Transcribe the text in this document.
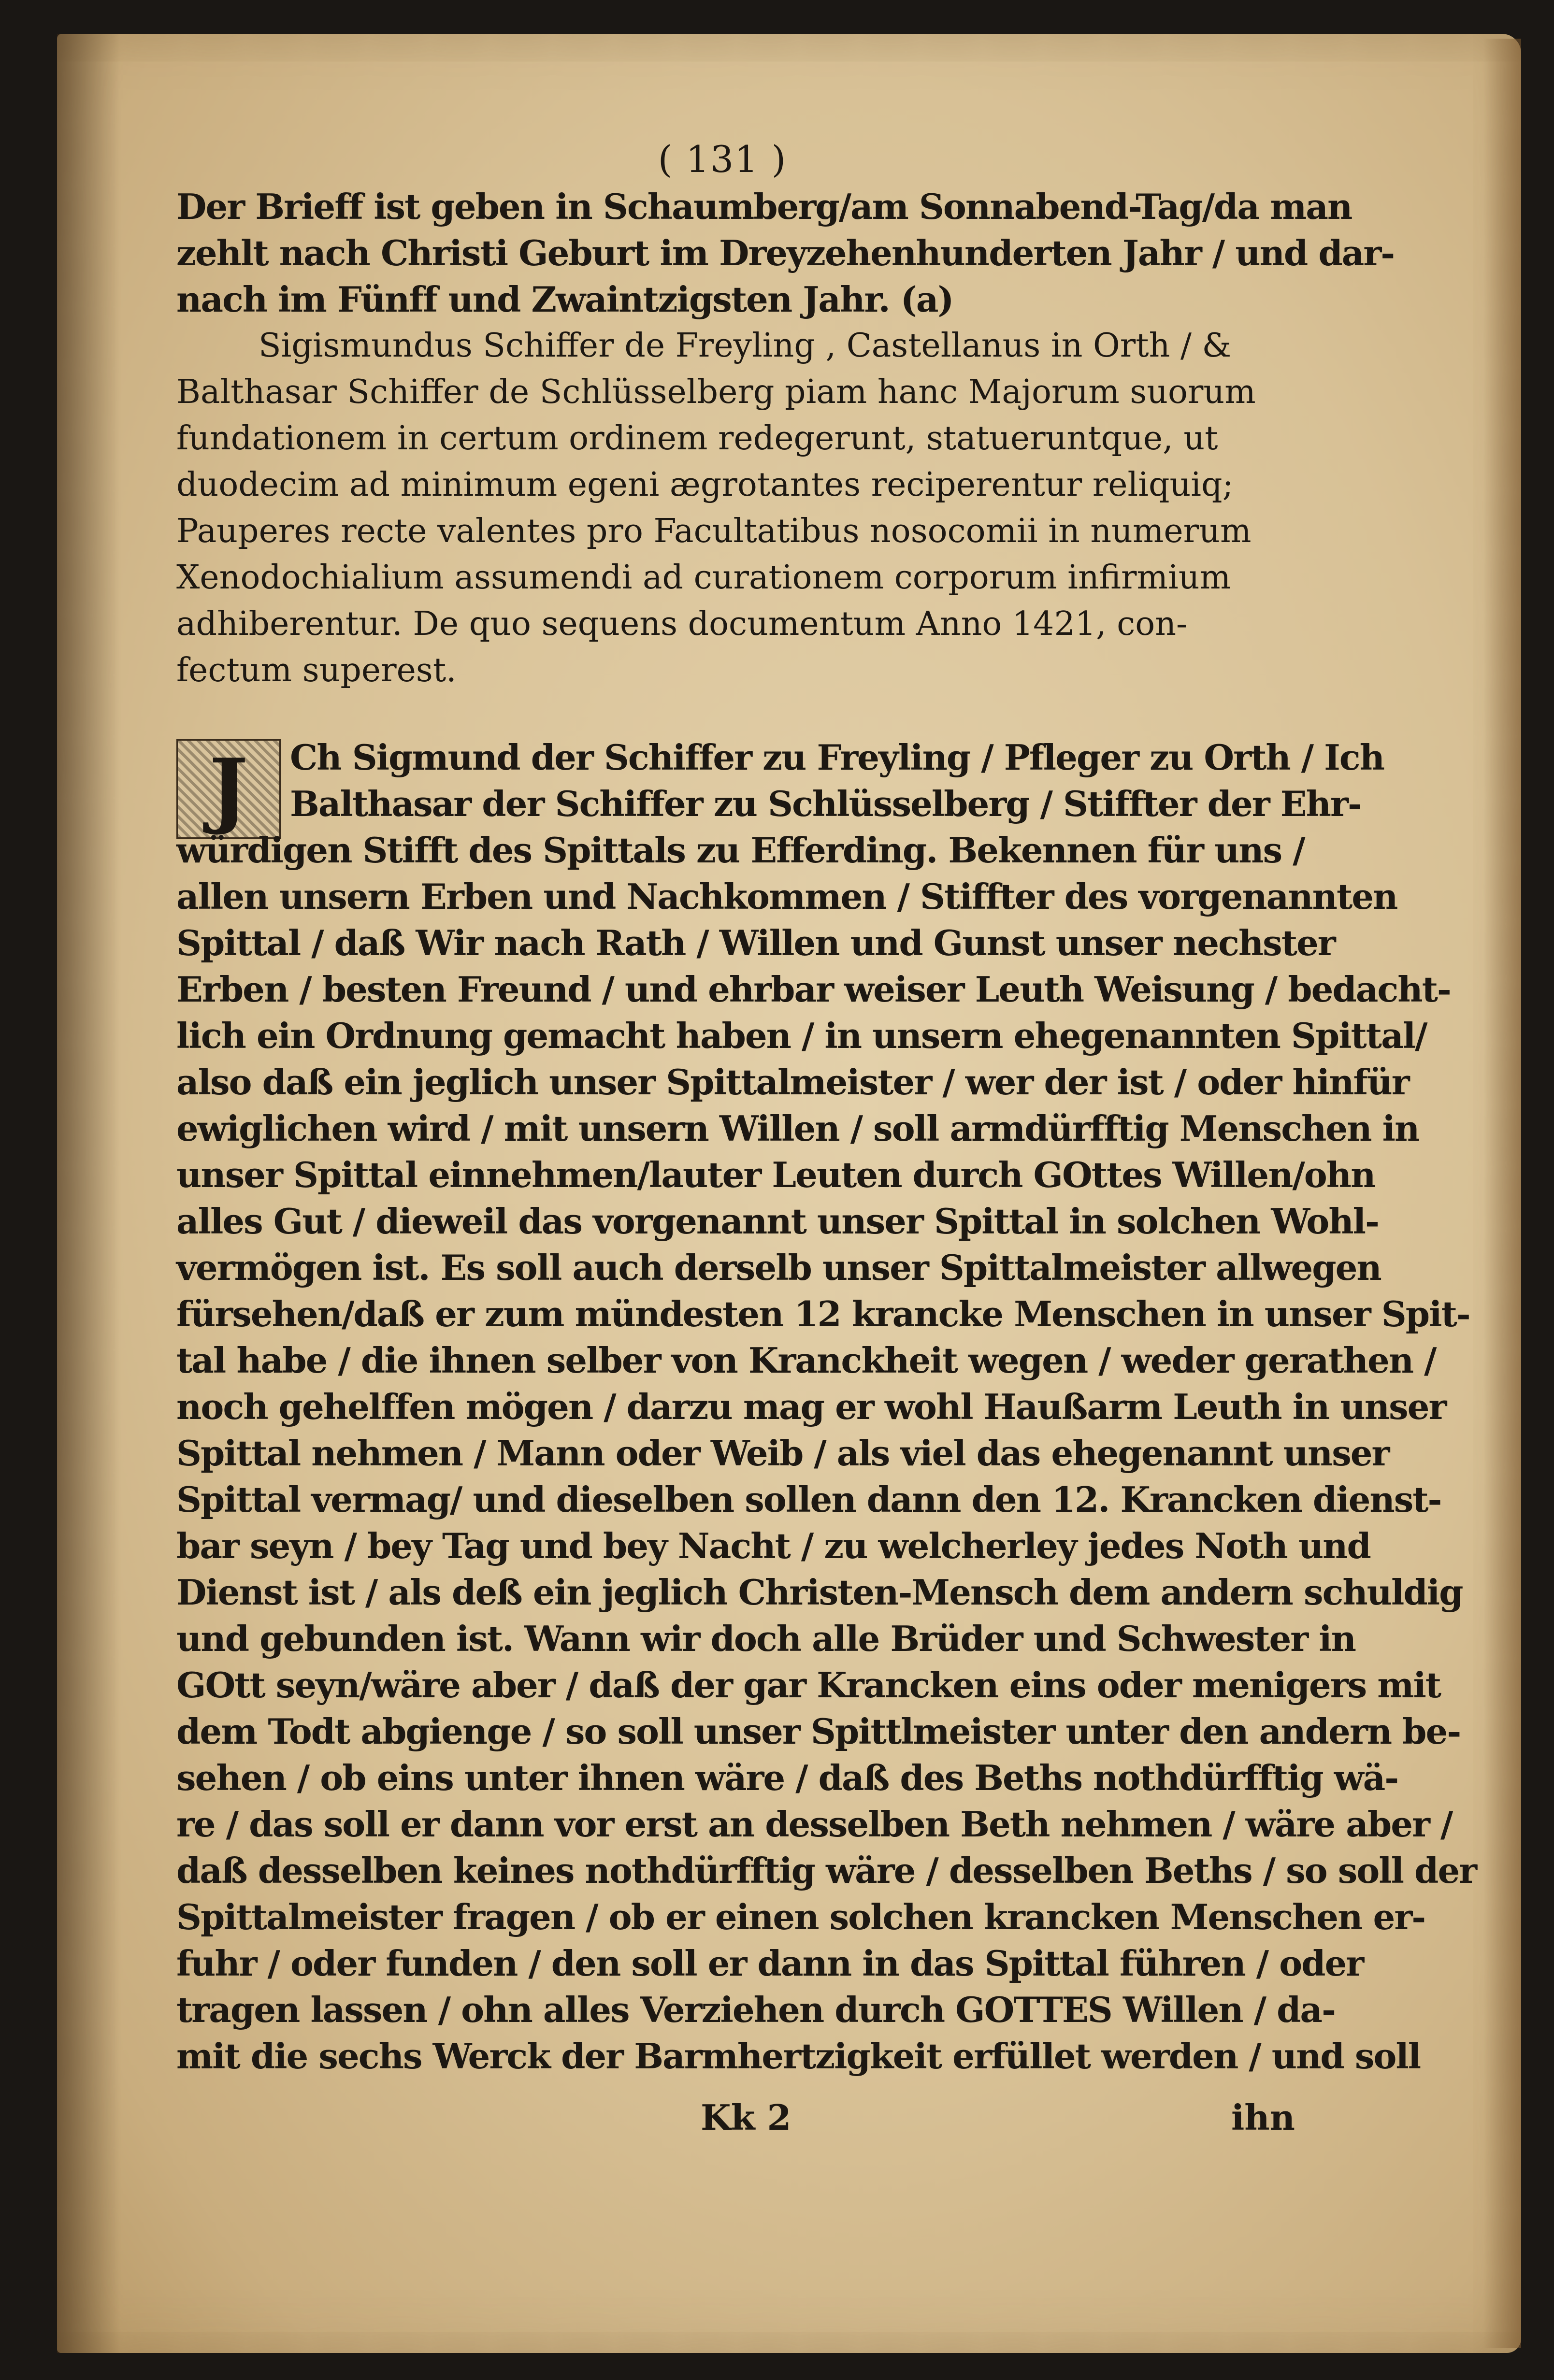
( 131 )
Der Brieff ist geben in Schaumberg/am Sonnabend-Tag/da man
zehlt nach Christi Geburt im Dreyzehenhunderten Jahr / und dar-
nach im Fünff und Zwaintzigsten Jahr. (a)
Sigismundus Schiffer de Freyling , Castellanus in Orth / &
Balthasar Schiffer de Schlüsselberg piam hanc Majorum suorum
fundationem in certum ordinem redegerunt, statueruntque, ut
duodecim ad minimum egeni ægrotantes reciperentur reliquiq;
Pauperes recte valentes pro Facultatibus nosocomii in numerum
Xenodochialium assumendi ad curationem corporum infirmium
adhiberentur. De quo sequens documentum Anno 1421, con-
fectum superest.
J	Ch Sigmund der Schiffer zu Freyling / Pfleger zu Orth / Ich
Balthasar der Schiffer zu Schlüsselberg / Stiffter der Ehr-
würdigen Stifft des Spittals zu Efferding. Bekennen für uns /
allen unsern Erben und Nachkommen / Stiffter des vorgenannten
Spittal / daß Wir nach Rath / Willen und Gunst unser nechster
Erben / besten Freund / und ehrbar weiser Leuth Weisung / bedacht-
lich ein Ordnung gemacht haben / in unsern ehegenannten Spittal/
also daß ein jeglich unser Spittalmeister / wer der ist / oder hinfür
ewiglichen wird / mit unsern Willen / soll armdürfftig Menschen in
unser Spittal einnehmen/lauter Leuten durch GOttes Willen/ohn
alles Gut / dieweil das vorgenannt unser Spittal in solchen Wohl-
vermögen ist. Es soll auch derselb unser Spittalmeister allwegen
fürsehen/daß er zum mündesten 12 krancke Menschen in unser Spit-
tal habe / die ihnen selber von Kranckheit wegen / weder gerathen /
noch gehelffen mögen / darzu mag er wohl Haußarm Leuth in unser
Spittal nehmen / Mann oder Weib / als viel das ehegenannt unser
Spittal vermag/ und dieselben sollen dann den 12. Krancken dienst-
bar seyn / bey Tag und bey Nacht / zu welcherley jedes Noth und
Dienst ist / als deß ein jeglich Christen-Mensch dem andern schuldig
und gebunden ist. Wann wir doch alle Brüder und Schwester in
GOtt seyn/wäre aber / daß der gar Krancken eins oder menigers mit
dem Todt abgienge / so soll unser Spittlmeister unter den andern be-
sehen / ob eins unter ihnen wäre / daß des Beths nothdürfftig wä-
re / das soll er dann vor erst an desselben Beth nehmen / wäre aber /
daß desselben keines nothdürfftig wäre / desselben Beths / so soll der
Spittalmeister fragen / ob er einen solchen krancken Menschen er-
fuhr / oder funden / den soll er dann in das Spittal führen / oder
tragen lassen / ohn alles Verziehen durch GOTTES Willen / da-
mit die sechs Werck der Barmhertzigkeit erfüllet werden / und soll
Kk 2	ihn
